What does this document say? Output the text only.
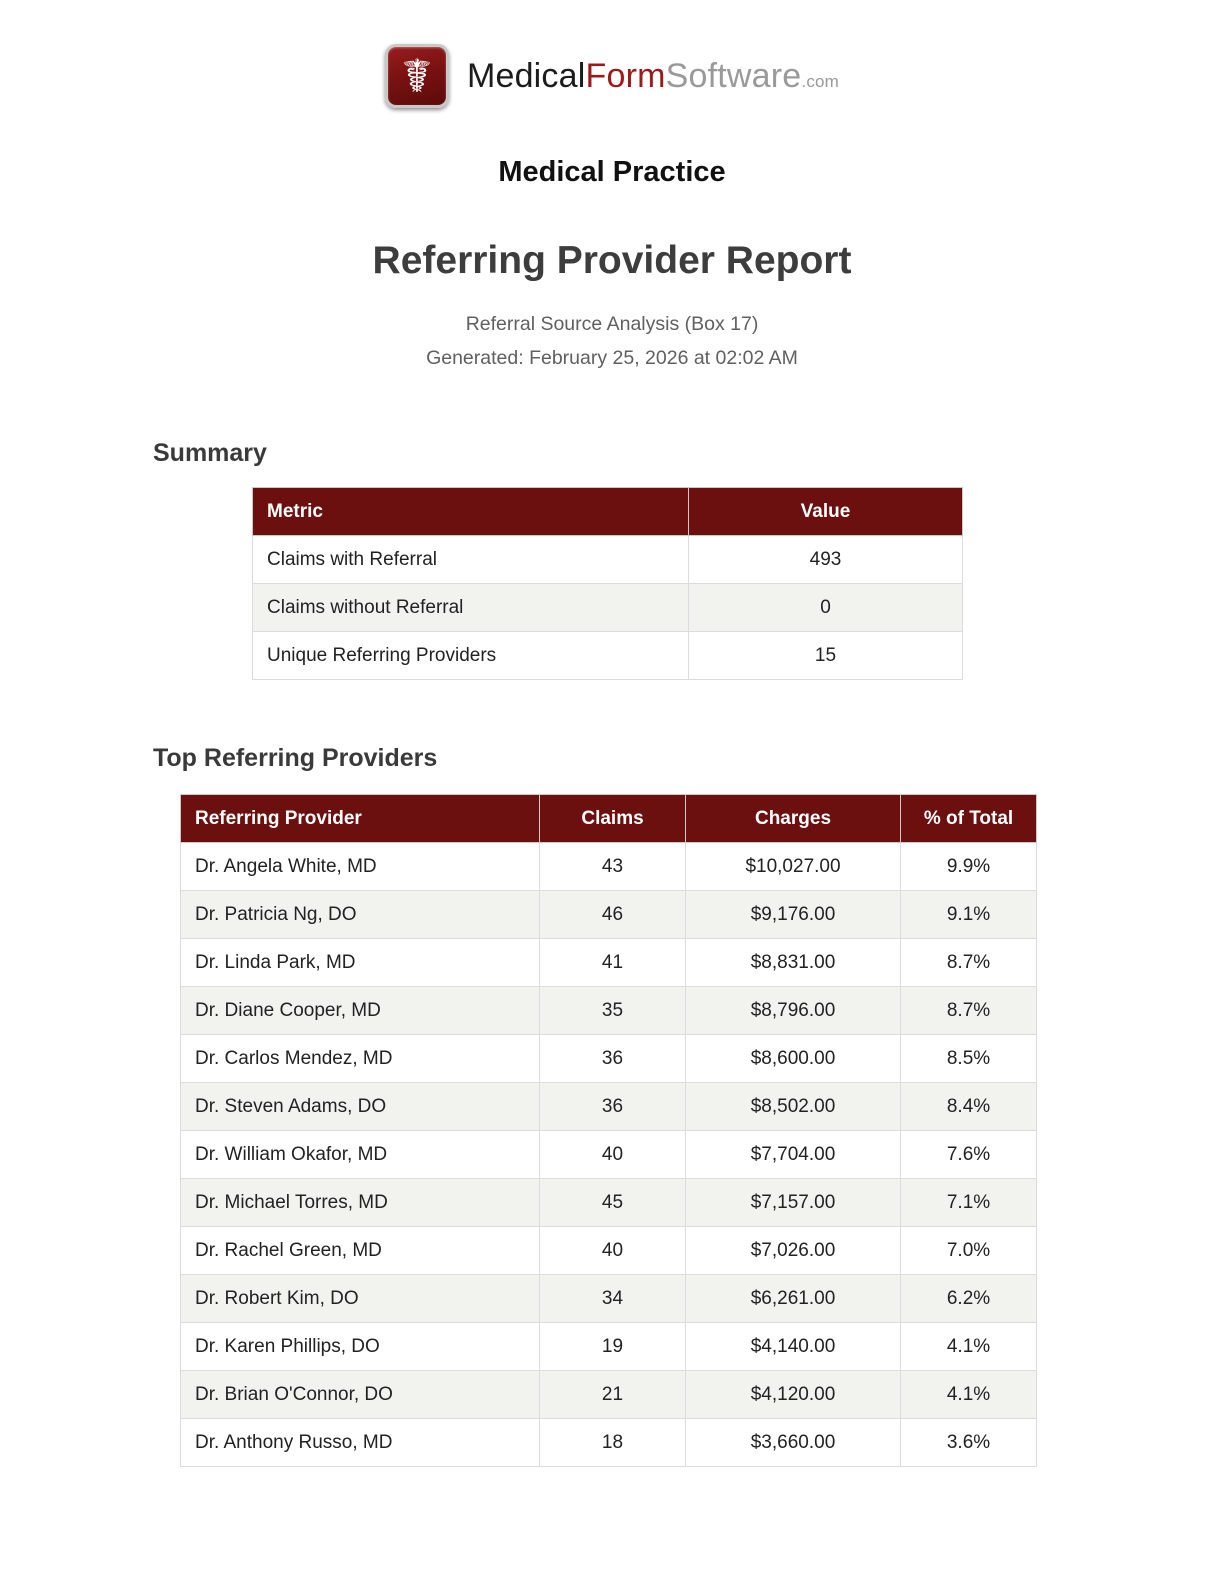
☤	MedicalFormSoftware.com
Medical Practice
Referring Provider Report
Referral Source Analysis (Box 17)
Generated: February 25, 2026 at 02:02 AM
Summary
Metric	Value
Claims with Referral	493
Claims without Referral	0
Unique Referring Providers	15
Top Referring Providers
Referring Provider	Claims	Charges	% of Total
Dr. Angela White, MD	43	$10,027.00	9.9%
Dr. Patricia Ng, DO	46	$9,176.00	9.1%
Dr. Linda Park, MD	41	$8,831.00	8.7%
Dr. Diane Cooper, MD	35	$8,796.00	8.7%
Dr. Carlos Mendez, MD	36	$8,600.00	8.5%
Dr. Steven Adams, DO	36	$8,502.00	8.4%
Dr. William Okafor, MD	40	$7,704.00	7.6%
Dr. Michael Torres, MD	45	$7,157.00	7.1%
Dr. Rachel Green, MD	40	$7,026.00	7.0%
Dr. Robert Kim, DO	34	$6,261.00	6.2%
Dr. Karen Phillips, DO	19	$4,140.00	4.1%
Dr. Brian O'Connor, DO	21	$4,120.00	4.1%
Dr. Anthony Russo, MD	18	$3,660.00	3.6%
